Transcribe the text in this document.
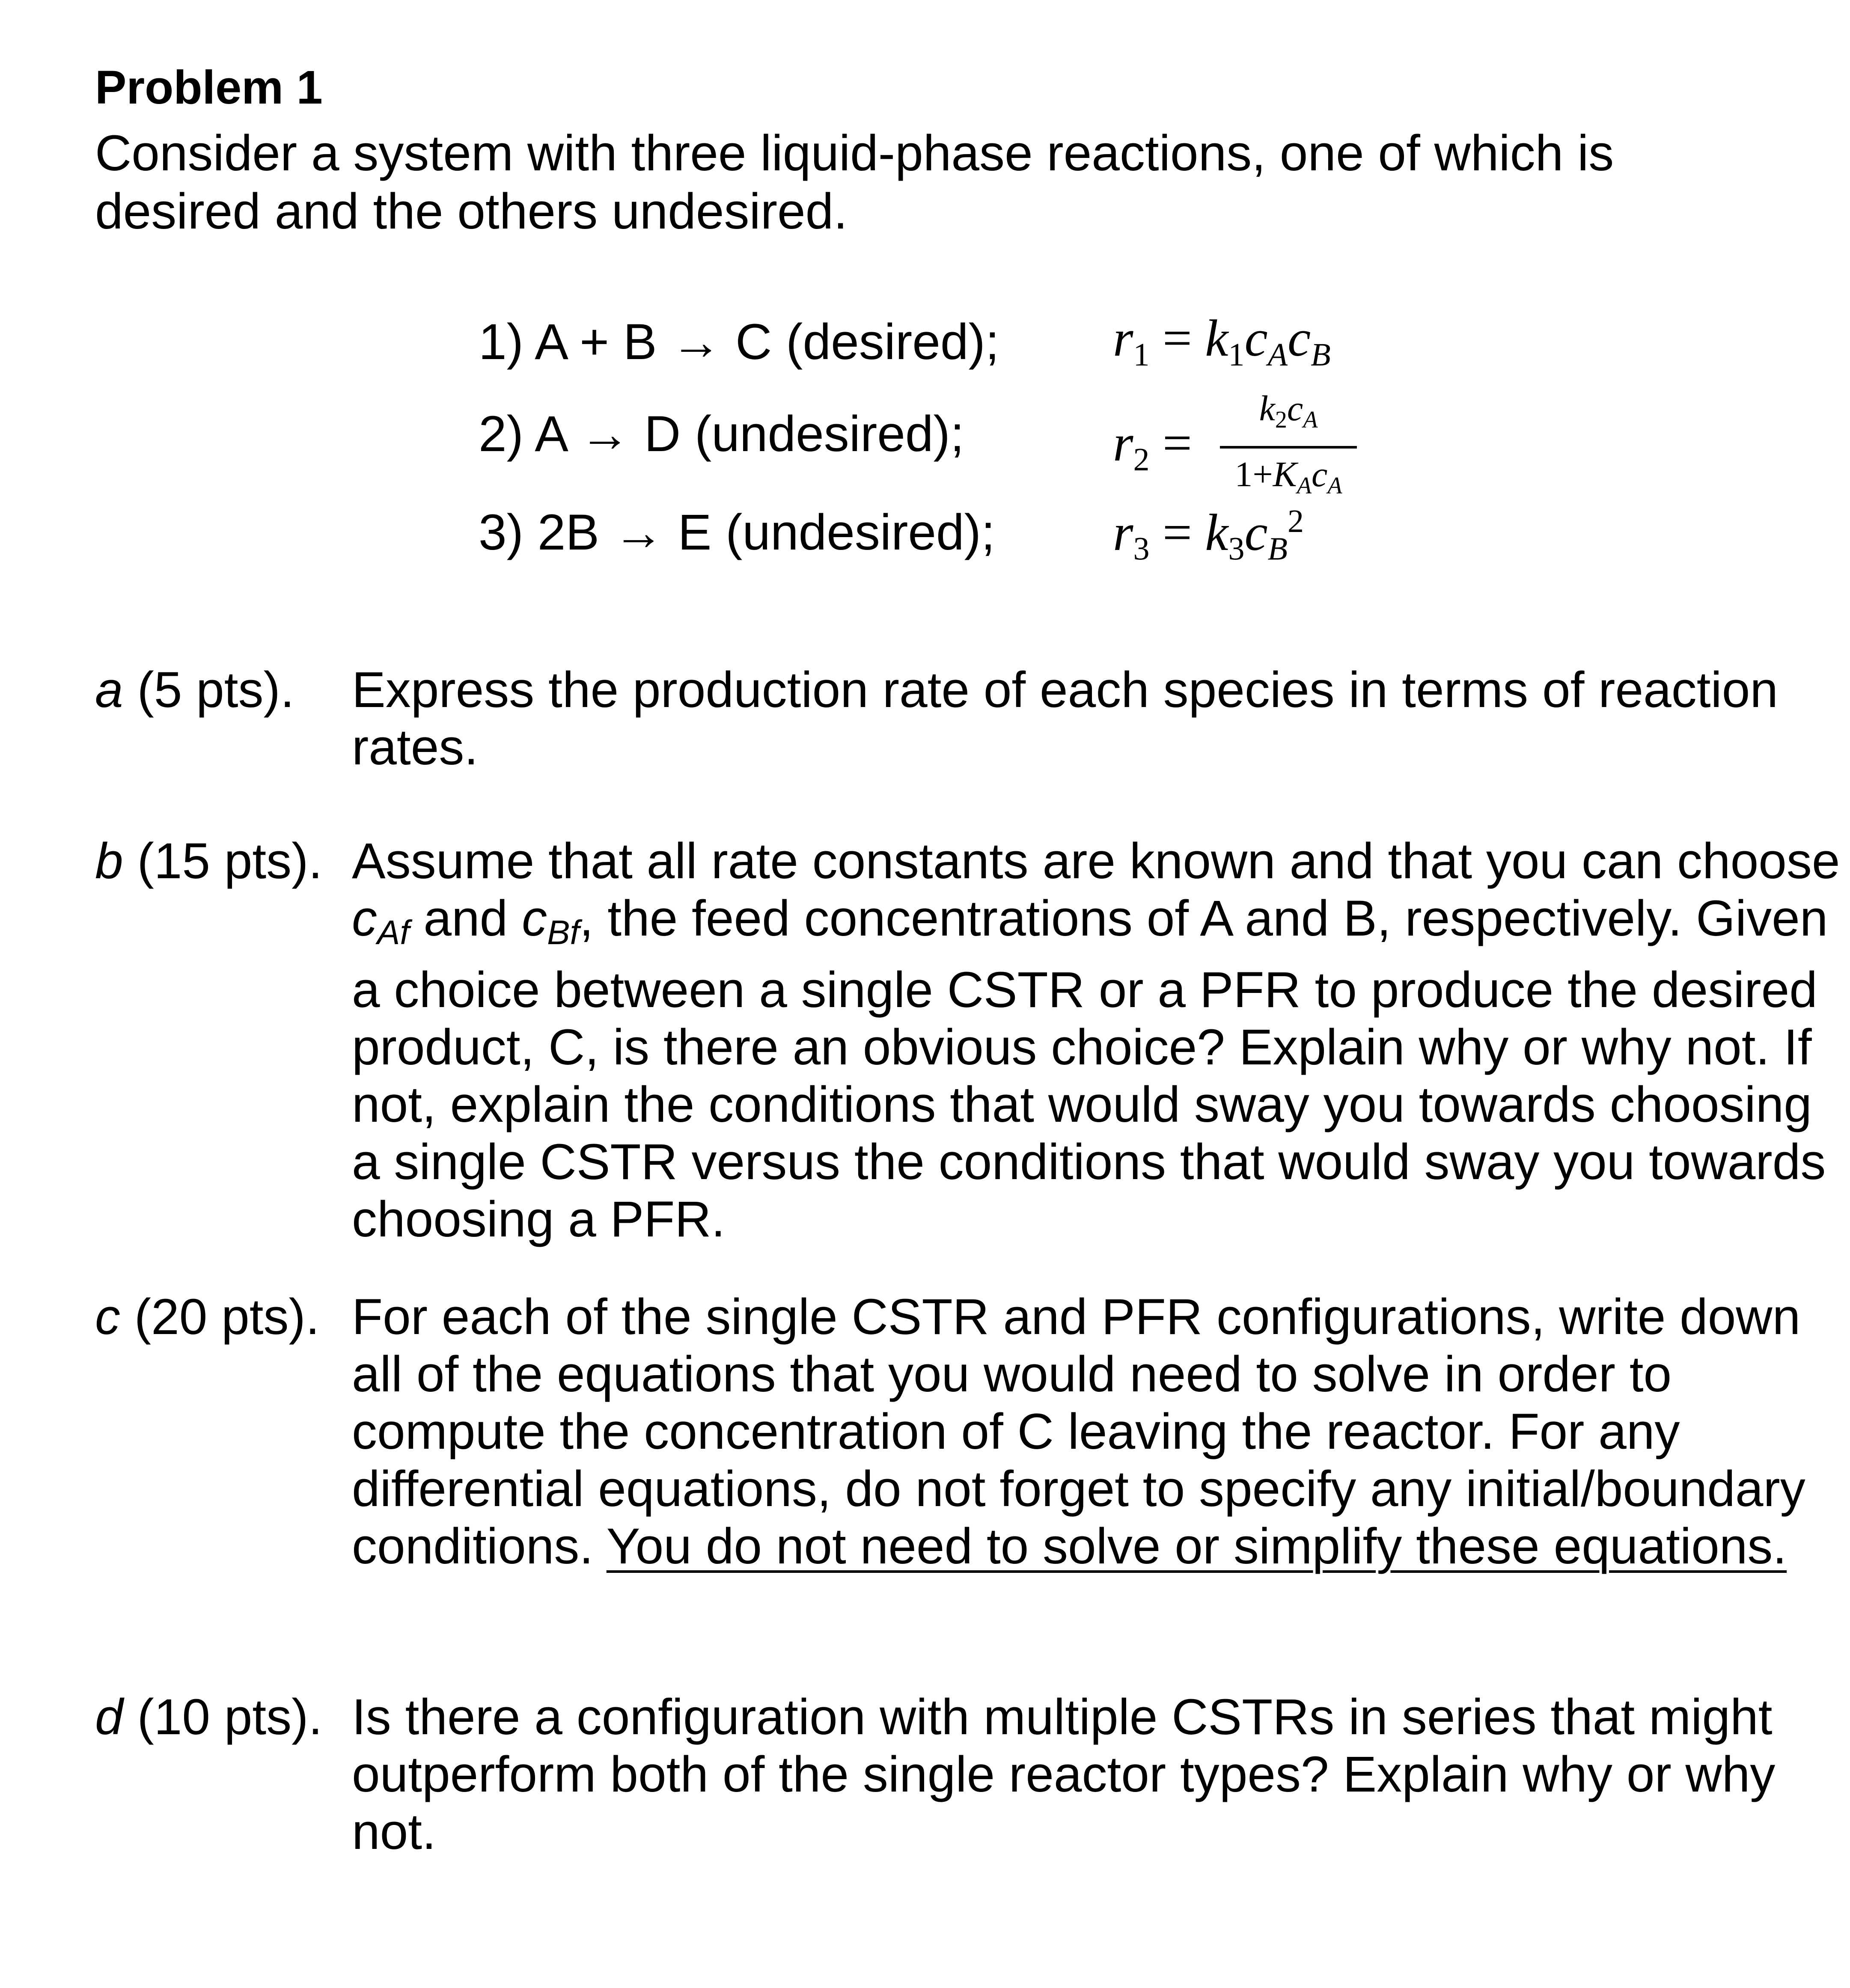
Problem 1

Consider a system with three liquid-phase reactions, one of which is desired and the others undesired.

1) A + B → C (desired);
2) A → D (undesired);
3) 2B → E (undesired);
$r_1 = k_1c_Ac_B$
$r_2$ =
$k_2c_A$
$1+K_Ac_A$
$r_3 = k_3c_B^2$
a (5 pts). Express the production rate of each species in terms of reaction rates.
b (15 pts). Assume that all rate constants are known and that you can choose $c_{Af}$ and $c_{Bf}$, the feed concentrations of A and B, respectively. Given a choice between a single CSTR or a PFR to produce the desired product, C, is there an obvious choice? Explain why or why not. If not, explain the conditions that would sway you towards choosing a single CSTR versus the conditions that would sway you towards choosing a PFR.
c (20 pts). For each of the single CSTR and PFR configurations, write down all of the equations that you would need to solve in order to compute the concentration of C leaving the reactor. For any differential equations, do not forget to specify any initial/boundary conditions. You do not need to solve or simplify these equations.
d (10 pts). Is there a configuration with multiple CSTRs in series that might outperform both of the single reactor types? Explain why or why not.
